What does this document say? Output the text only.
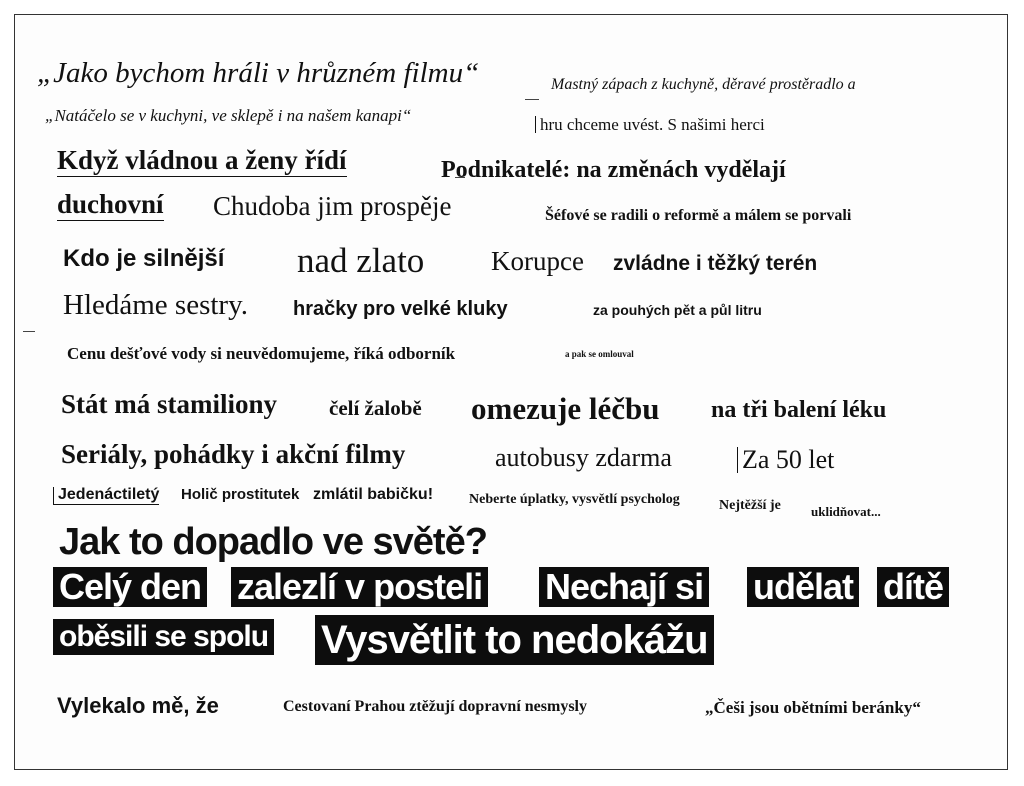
„Jako bychom hráli v hrůzném filmu“	Mastný zápach z kuchyně, děravé prostěradlo a
„Natáčelo se v kuchyni, ve sklepě i na našem kanapi“	hru chceme uvést. S našimi herci
Když vládnou a ženy řídí	Podnikatelé: na změnách vydělají
duchovní Chudoba jim prospěje	Šéfové se radili o reformě a málem se porvali
Kdo je silnější nad zlato Korupce zvládne i těžký terén
Hledáme sestry. hračky pro velké kluky	za pouhých pět a půl litru
Cenu dešťové vody si neuvědomujeme, říká odborník	a pak se omlouval
Stát má stamiliony čelí žalobě omezuje léčbu na tři balení léku
Seriály, pohádky i akční filmy	autobusy zdarma	Za 50 let
Jedenáctiletý Holič prostitutek zmlátil babičku!	Neberte úplatky, vysvětlí psycholog	Nejtěžší je uklidňovat...
Jak to dopadlo ve světě?
Celý den zalezlí v posteli Nechají si udělat dítě
oběsili se spolu Vysvětlit to nedokážu
Vylekalo mě, že	Cestovaní Prahou ztěžují dopravní nesmysly	„Češi jsou obětními beránky“
